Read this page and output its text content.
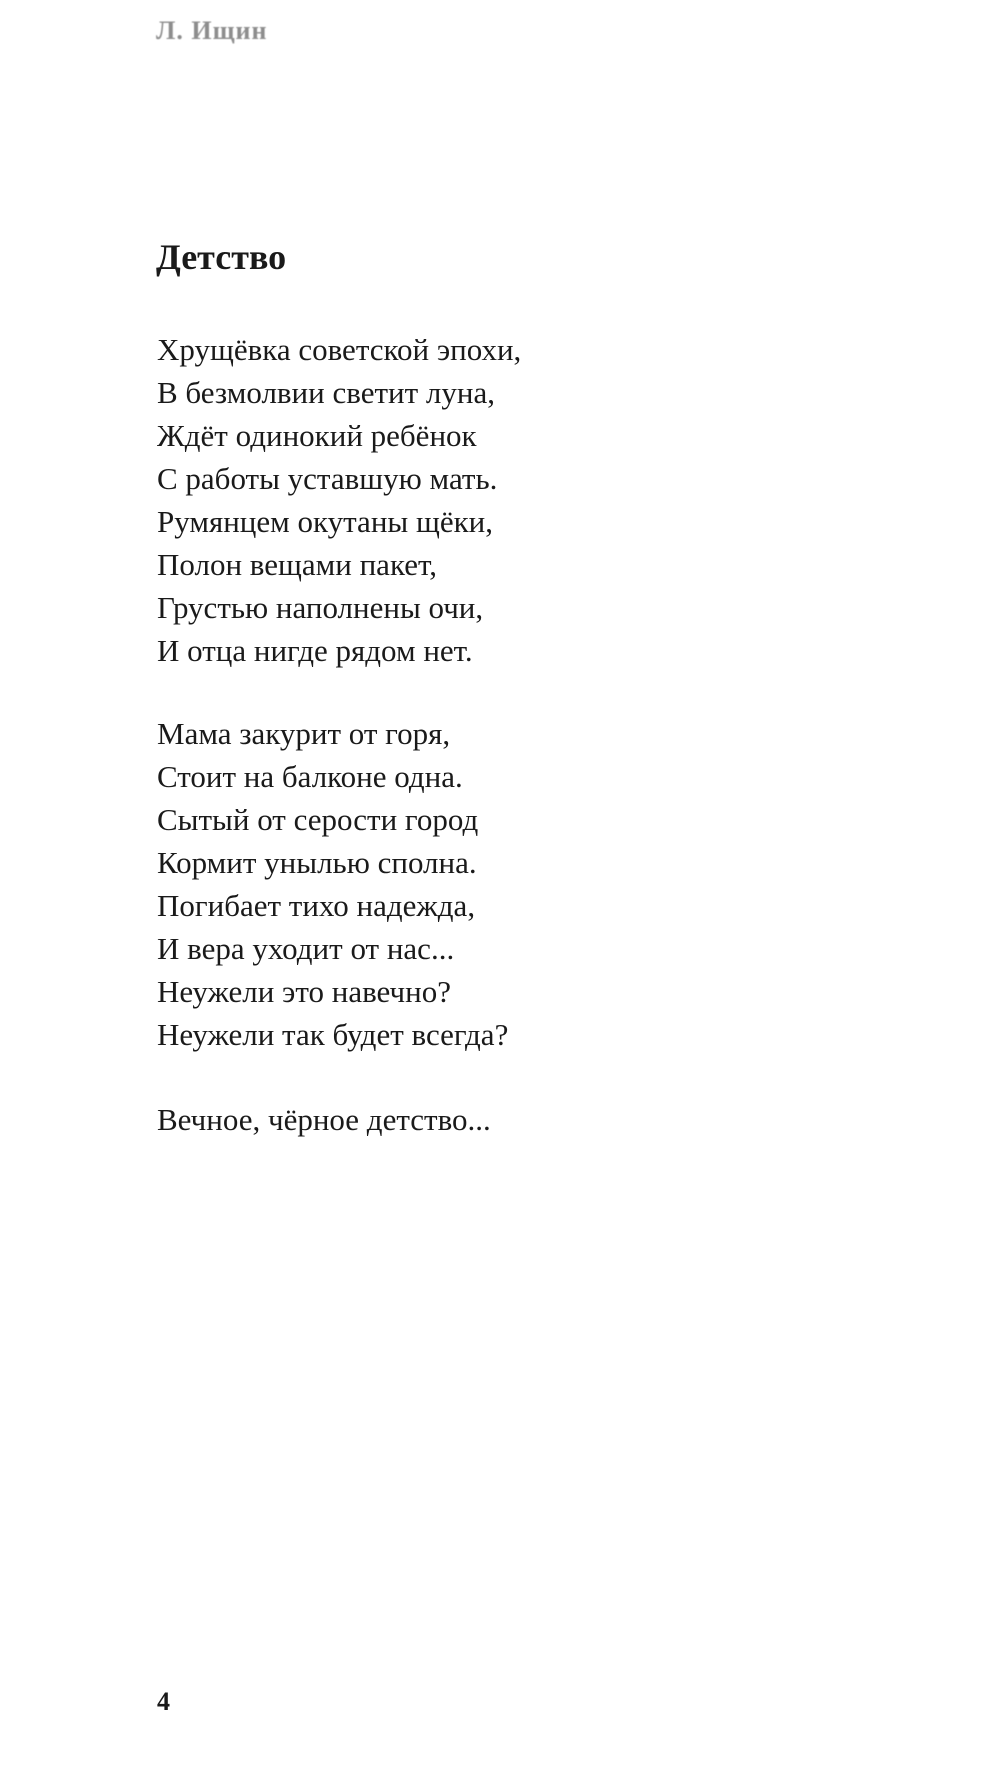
Л. Ищин
Детство
Хрущёвка советской эпохи,
В безмолвии светит луна,
Ждёт одинокий ребёнок
С работы уставшую мать.
Румянцем окутаны щёки,
Полон вещами пакет,
Грустью наполнены очи,
И отца нигде рядом нет.
Мама закурит от горя,
Стоит на балконе одна.
Сытый от серости город
Кормит унылью сполна.
Погибает тихо надежда,
И вера уходит от нас...
Неужели это навечно?
Неужели так будет всегда?
Вечное, чёрное детство...
4
